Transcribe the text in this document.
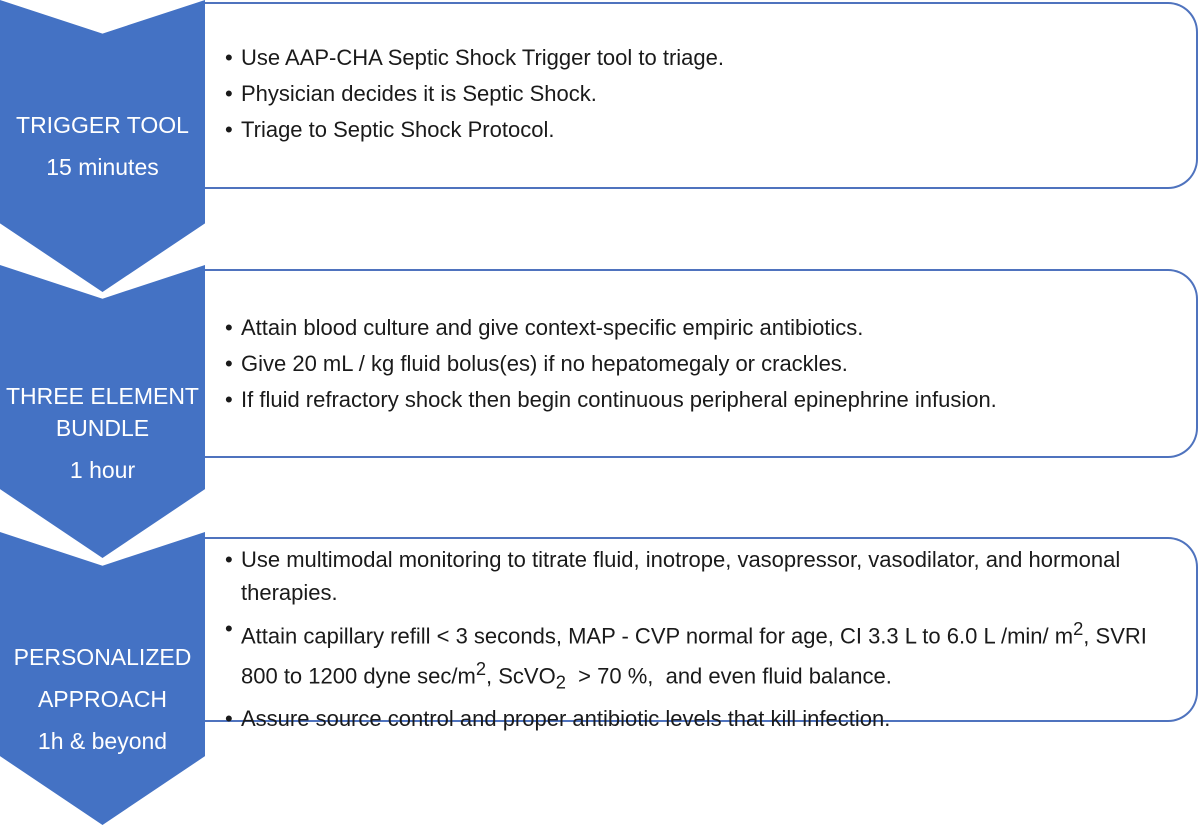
TRIGGER TOOL
15 minutes
• Use AAP-CHA Septic Shock Trigger tool to triage.
• Physician decides it is Septic Shock.
• Triage to Septic Shock Protocol.
THREE ELEMENT
BUNDLE
1 hour
• Attain blood culture and give context-specific empiric antibiotics.
• Give 20 mL / kg fluid bolus(es) if no hepatomegaly or crackles.
• If fluid refractory shock then begin continuous peripheral epinephrine infusion.
PERSONALIZED
APPROACH
1h & beyond
• Use multimodal monitoring to titrate fluid, inotrope, vasopressor, vasodilator, and hormonal therapies.
• Attain capillary refill < 3 seconds, MAP - CVP normal for age, CI 3.3 L to 6.0 L /min/ $m^2$, SVRI 800 to 1200 dyne $\sec/m^2$, ScVO$_2$  > 70 %,  and even fluid balance.
• Assure source control and proper antibiotic levels that kill infection.
